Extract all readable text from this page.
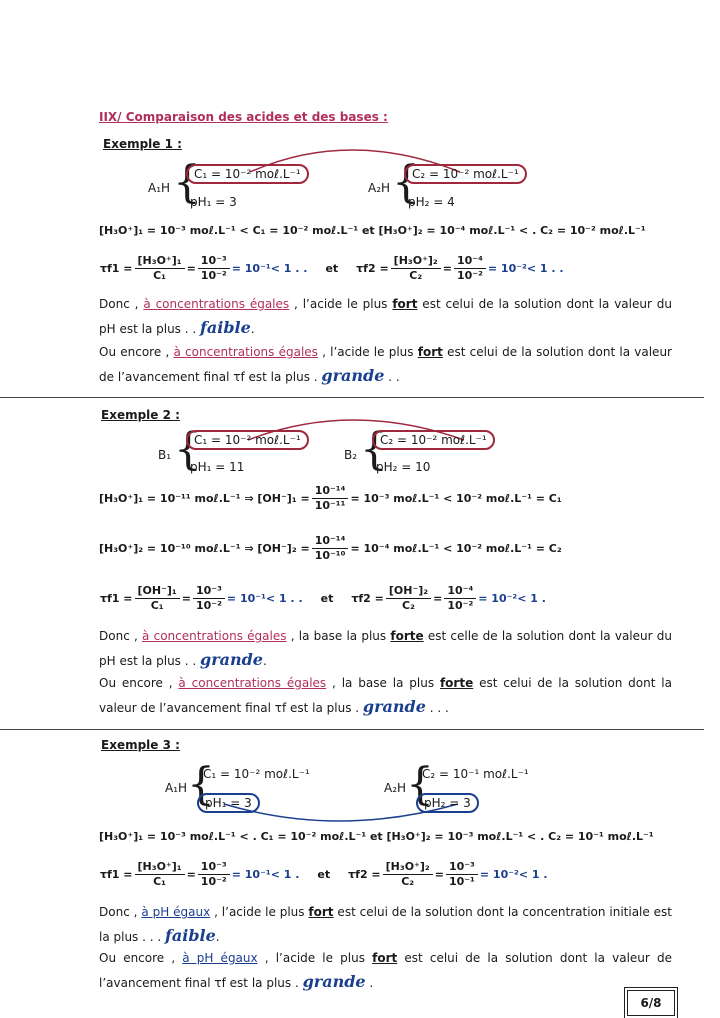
IIX/ Comparaison des acides et des bases :
Exemple 1 :
A₁H {
C₁ = 10⁻² moℓ.L⁻¹
pH₁ = 3
A₂H {
C₂ = 10⁻² moℓ.L⁻¹
pH₂ = 4
[H₃O⁺]₁ = 10⁻³ moℓ.L⁻¹ < C₁ = 10⁻² moℓ.L⁻¹ et [H₃O⁺]₂ = 10⁻⁴ moℓ.L⁻¹ < . C₂ = 10⁻² moℓ.L⁻¹
$\tau f1 = \frac{\text{[H₃O⁺]₁}}{\text{C₁}} = \frac{\text{10⁻³}}{\text{10⁻²}} = 10^{-1}< 1$ . . et $\tau f2 = \frac{\text{[H₃O⁺]₂}}{\text{C₂}} = \frac{\text{10⁻⁴}}{\text{10⁻²}} = 10^{-2}< 1$ . .
Donc , à concentrations égales , l’acide le plus fort est celui de la solution dont la valeur du pH est la plus . . faible.
Ou encore , à concentrations égales , l’acide le plus fort est celui de la solution dont la valeur de l’avancement final τf est la plus . grande . .
Exemple 2 :
B₁ {
C₁ = 10⁻² moℓ.L⁻¹
pH₁ = 11
B₂ {
C₂ = 10⁻² moℓ.L⁻¹
pH₂ = 10
[H₃O⁺]₁ = 10⁻¹¹ moℓ.L⁻¹ ⇒ $[OH^-]_1 = \frac{\text{10⁻¹⁴}}{\text{10⁻¹¹}} = 10^{-3}$ moℓ.L⁻¹ < 10⁻² moℓ.L⁻¹ = C₁
[H₃O⁺]₂ = 10⁻¹⁰ moℓ.L⁻¹ ⇒ $[OH^-]_2 = \frac{\text{10⁻¹⁴}}{\text{10⁻¹⁰}} = 10^{-4}$ moℓ.L⁻¹ < 10⁻² moℓ.L⁻¹ = C₂
$\tau f1 = \frac{\text{[OH⁻]₁}}{\text{C₁}} = \frac{\text{10⁻³}}{\text{10⁻²}} = 10^{-1}< 1$ . . et $\tau f2 = \frac{\text{[OH⁻]₂}}{\text{C₂}} = \frac{\text{10⁻⁴}}{\text{10⁻²}} = 10^{-2}< 1$ .
Donc , à concentrations égales , la base la plus forte est celle de la solution dont la valeur du pH est la plus . . grande.
Ou encore , à concentrations égales , la base la plus forte est celui de la solution dont la valeur de l’avancement final τf est la plus . grande . . .
Exemple 3 :
A₁H {
C₁ = 10⁻² moℓ.L⁻¹
pH₁ = 3
A₂H {
C₂ = 10⁻¹ moℓ.L⁻¹
pH₂ = 3
[H₃O⁺]₁ = 10⁻³ moℓ.L⁻¹ < . C₁ = 10⁻² moℓ.L⁻¹ et [H₃O⁺]₂ = 10⁻³ moℓ.L⁻¹ < . C₂ = 10⁻¹ moℓ.L⁻¹
$\tau f1 = \frac{\text{[H₃O⁺]₁}}{\text{C₁}} = \frac{\text{10⁻³}}{\text{10⁻²}} = 10^{-1}< 1$ . et $\tau f2 = \frac{\text{[H₃O⁺]₂}}{\text{C₂}} = \frac{\text{10⁻³}}{\text{10⁻¹}} = 10^{-2}< 1$ .
Donc , à pH égaux , l’acide le plus fort est celui de la solution dont la concentration initiale est la plus . . . faible.
Ou encore , à pH égaux , l’acide le plus fort est celui de la solution dont la valeur de l’avancement final τf est la plus . grande .
6/8
